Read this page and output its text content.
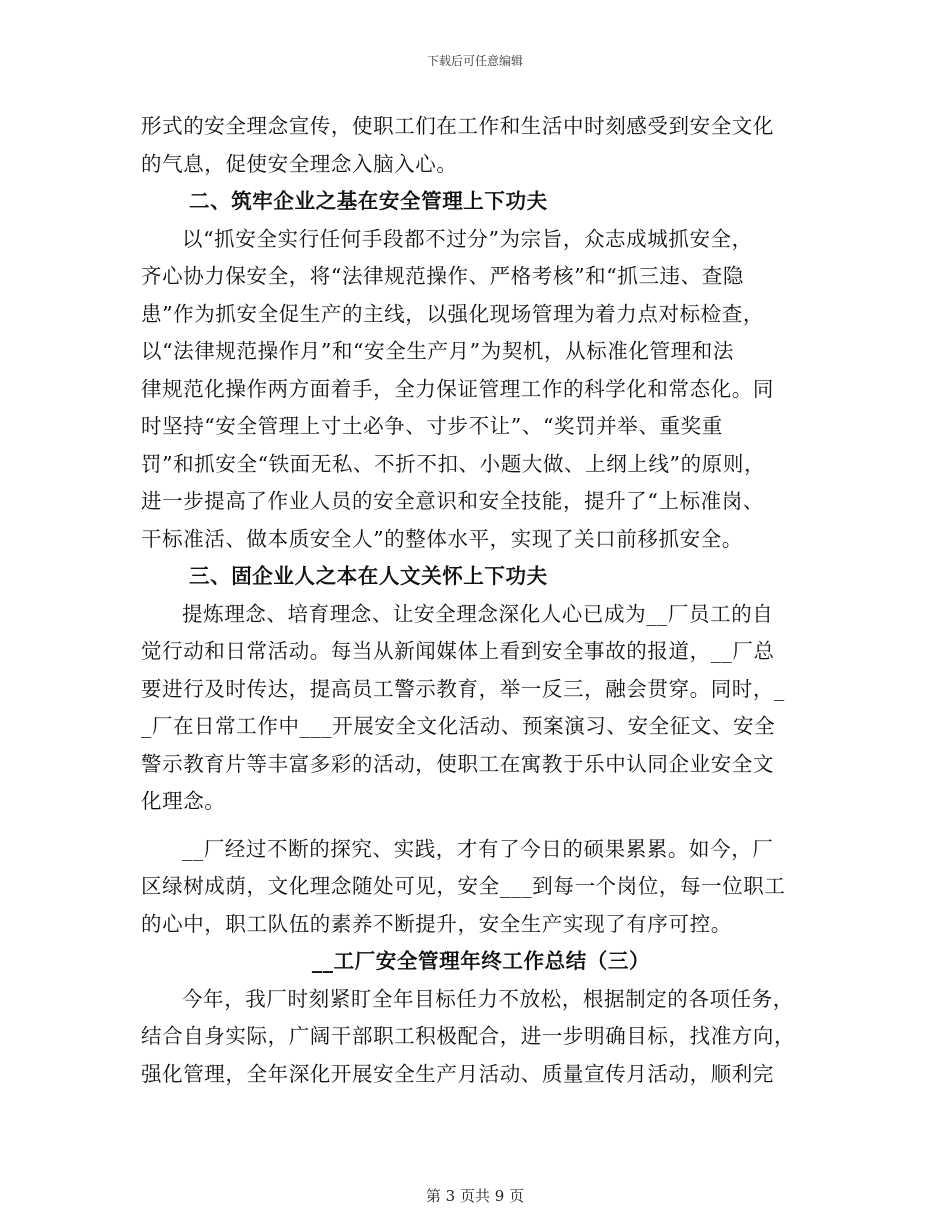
下载后可任意编辑
形式的安全理念宣传，使职工们在工作和生活中时刻感受到安全文化
的气息，促使安全理念入脑入心。
二、筑牢企业之基在安全管理上下功夫
以“抓安全实行任何手段都不过分”为宗旨，众志成城抓安全，
齐心协力保安全，将“法律规范操作、严格考核”和“抓三违、查隐
患”作为抓安全促生产的主线，以强化现场管理为着力点对标检查，
以“法律规范操作月”和“安全生产月”为契机，从标准化管理和法
律规范化操作两方面着手，全力保证管理工作的科学化和常态化。同
时坚持“安全管理上寸土必争、寸步不让”、“奖罚并举、重奖重
罚”和抓安全“铁面无私、不折不扣、小题大做、上纲上线”的原则，
进一步提高了作业人员的安全意识和安全技能，提升了“上标准岗、
干标准活、做本质安全人”的整体水平，实现了关口前移抓安全。
三、固企业人之本在人文关怀上下功夫
提炼理念、培育理念、让安全理念深化人心已成为__厂员工的自
觉行动和日常活动。每当从新闻媒体上看到安全事故的报道，__厂总
要进行及时传达，提高员工警示教育，举一反三，融会贯穿。同时，_
_厂在日常工作中___开展安全文化活动、预案演习、安全征文、安全
警示教育片等丰富多彩的活动，使职工在寓教于乐中认同企业安全文
化理念。
__厂经过不断的探究、实践，才有了今日的硕果累累。如今，厂
区绿树成荫，文化理念随处可见，安全___到每一个岗位，每一位职工
的心中，职工队伍的素养不断提升，安全生产实现了有序可控。
__工厂安全管理年终工作总结（三）
今年，我厂时刻紧盯全年目标任力不放松，根据制定的各项任务，
结合自身实际，广阔干部职工积极配合，进一步明确目标，找准方向，
强化管理，全年深化开展安全生产月活动、质量宣传月活动，顺利完
第 3 页共 9 页
